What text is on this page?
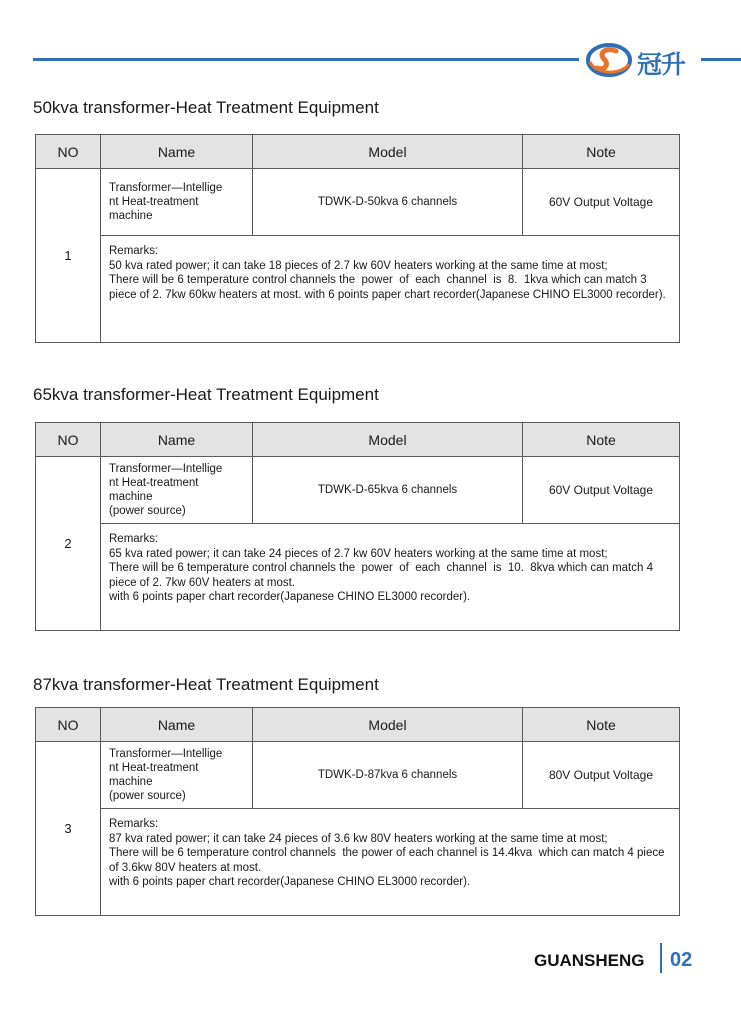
冠升
50kva transformer-Heat Treatment Equipment
NO	Name	Model	Note
1	Transformer—Intellige
nt Heat-treatment
machine	TDWK-D-50kva 6 channels	60V Output Voltage

	Remarks:
50 kva rated power; it can take 18 pieces of 2.7 kw 60V heaters working at the same time at most;
There will be 6 temperature control channels the  power  of  each  channel  is  8.  1kva which can match 3 piece of 2. 7kw 60kw heaters at most. with 6 points paper chart recorder(Japanese CHINO EL3000 recorder).		
65kva transformer-Heat Treatment Equipment
NO	Name	Model	Note
2	Transformer—Intellige
nt Heat-treatment
machine
(power source)	TDWK-D-65kva 6 channels	60V Output Voltage

	Remarks:
65 kva rated power; it can take 24 pieces of 2.7 kw 60V heaters working at the same time at most;
There will be 6 temperature control channels the  power  of  each  channel  is  10.  8kva which can match 4 piece of 2. 7kw 60V heaters at most.
with 6 points paper chart recorder(Japanese CHINO EL3000 recorder).		
87kva transformer-Heat Treatment Equipment
NO	Name	Model	Note
3	Transformer—Intellige
nt Heat-treatment
machine
(power source)	TDWK-D-87kva 6 channels	80V Output Voltage

	Remarks:
87 kva rated power; it can take 24 pieces of 3.6 kw 80V heaters working at the same time at most;
There will be 6 temperature control channels  the power of each channel is 14.4kva  which can match 4 piece of 3.6kw 80V heaters at most.
with 6 points paper chart recorder(Japanese CHINO EL3000 recorder).		
GUANSHENG 02
